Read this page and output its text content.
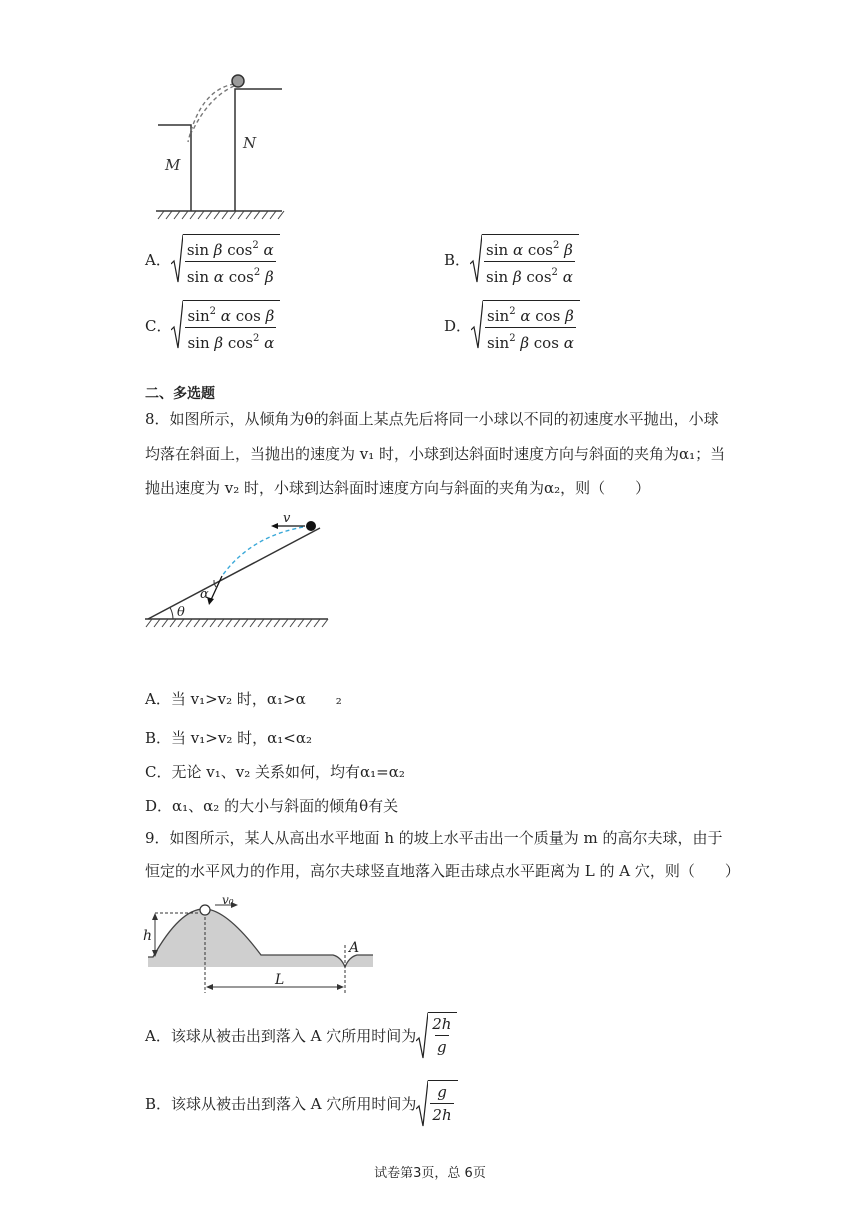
M
N
A． $\frac{\sin \beta \cos^2 \alpha}{\sin \alpha \cos^2 \beta}$	B． $\frac{\sin \alpha \cos^2 \beta}{\sin \beta \cos^2 \alpha}$
C． $\frac{\sin^2 \alpha \cos \beta}{\sin \beta \cos^2 \alpha}$	D． $\frac{\sin^2 \alpha \cos \beta}{\sin^2 \beta \cos \alpha}$
二、多选题
8．如图所示，从倾角为θ的斜面上某点先后将同一小球以不同的初速度水平抛出，小球
均落在斜面上，当抛出的速度为 v₁ 时，小球到达斜面时速度方向与斜面的夹角为α₁；当
抛出速度为 v₂ 时，小球到达斜面时速度方向与斜面的夹角为α₂，则（　　）
v
α
θ
A．当 v₁>v₂ 时，α₁>α　　₂
B．当 v₁>v₂ 时，α₁<α₂
C．无论 v₁、v₂ 关系如何，均有α₁=α₂
D．α₁、α₂ 的大小与斜面的倾角θ有关
9．如图所示，某人从高出水平地面 h 的坡上水平击出一个质量为 m 的高尔夫球，由于
恒定的水平风力的作用，高尔夫球竖直地落入距击球点水平距离为 L 的 A 穴，则（　　）
h
v₀
A
L
A．该球从被击出到落入 A 穴所用时间为 $\frac{2h}{g}$
B．该球从被击出到落入 A 穴所用时间为 $\frac{g}{2h}$
试卷第3页，总 6页
